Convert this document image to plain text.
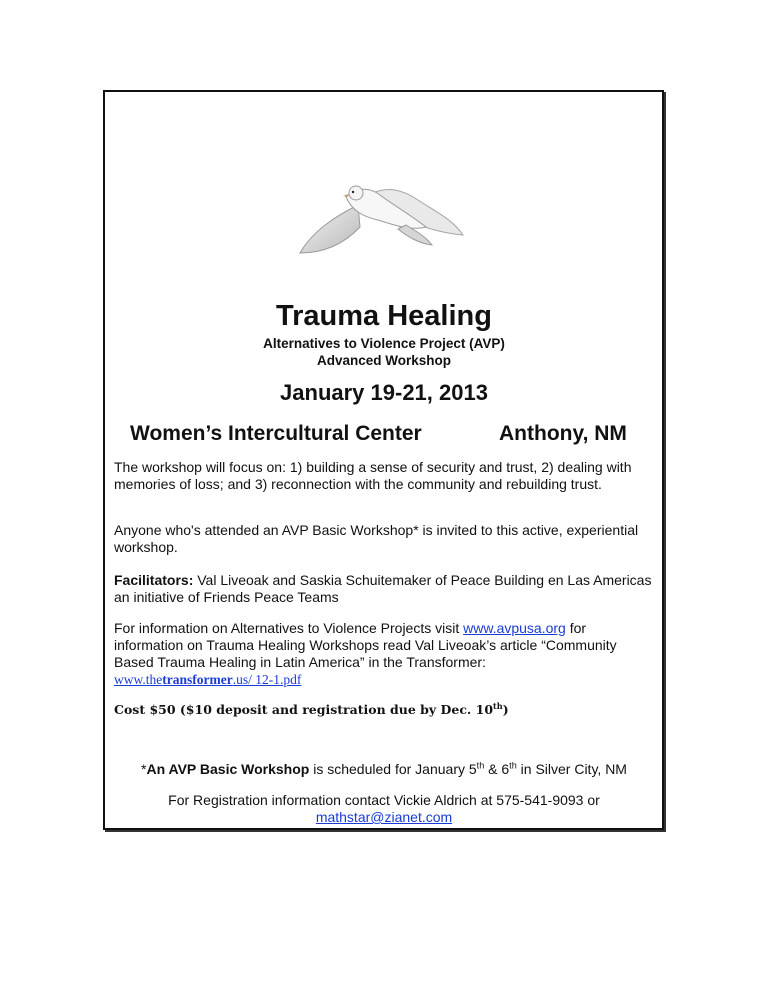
Trauma Healing
Alternatives to Violence Project (AVP)
Advanced Workshop
January 19-21, 2013
Women’s Intercultural Center	Anthony, NM
The workshop will focus on: 1) building a sense of security and trust, 2) dealing with memories of loss; and 3) reconnection with the community and rebuilding trust.
Anyone who's attended an AVP Basic Workshop* is invited to this active, experiential workshop.
Facilitators: Val Liveoak and Saskia Schuitemaker of Peace Building en Las Americas an initiative of Friends Peace Teams
For information on Alternatives to Violence Projects visit www.avpusa.org for information on Trauma Healing Workshops read Val Liveoak’s article “Community Based Trauma Healing in Latin America” in the Transformer:
www.thetransformer.us/ 12-1.pdf
Cost $50 ($10 deposit and registration due by Dec. 10th)
*An AVP Basic Workshop is scheduled for January 5th & 6th in Silver City, NM
For Registration information contact Vickie Aldrich at 575-541-9093 or
mathstar@zianet.com
